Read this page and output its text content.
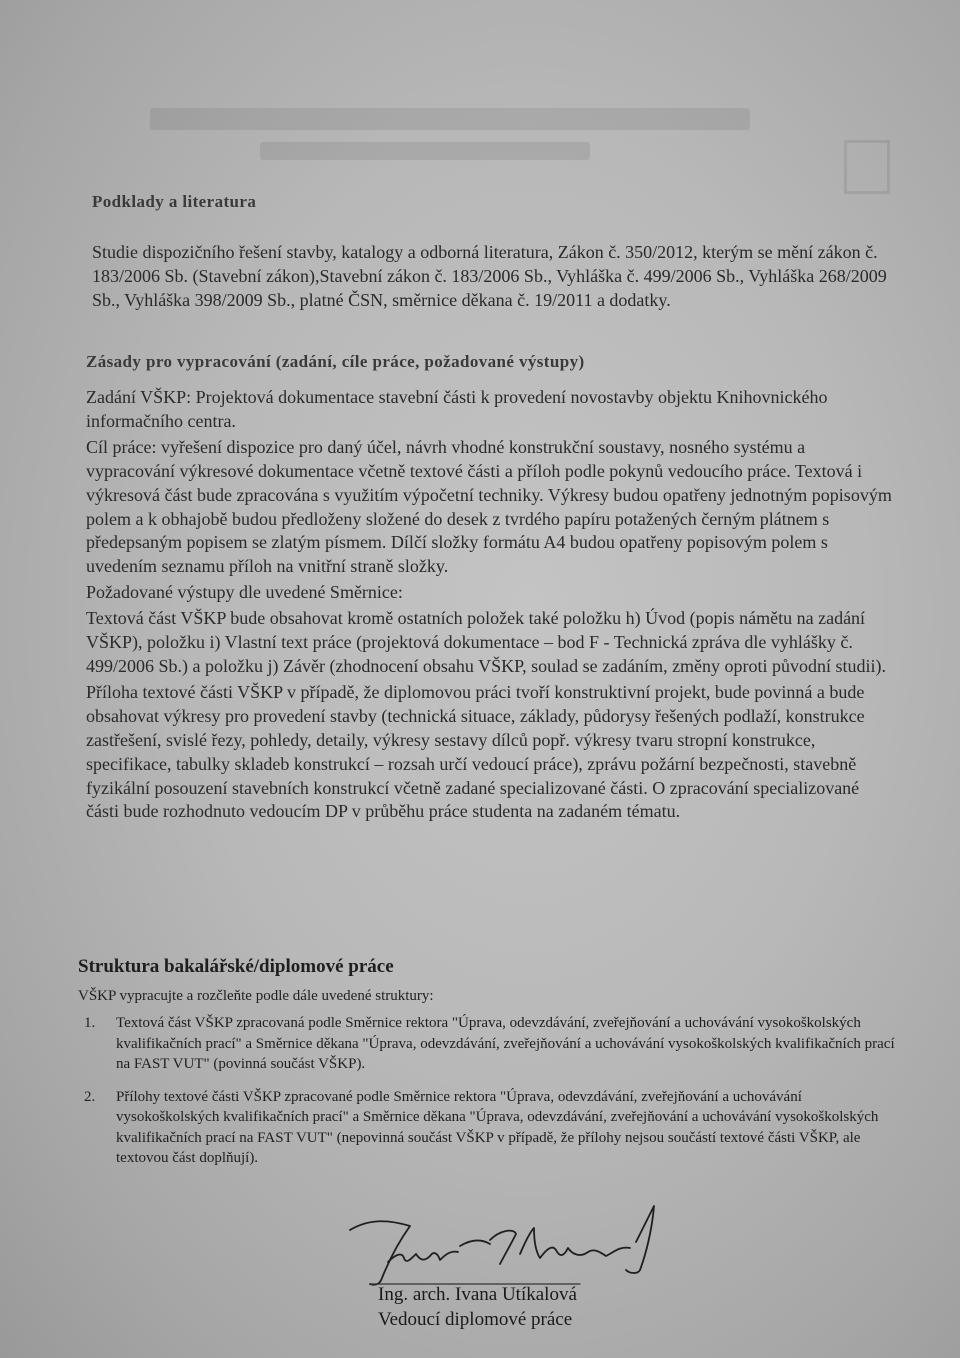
Podklady a literatura

Studie dispozičního řešení stavby, katalogy a odborná literatura, Zákon č. 350/2012, kterým se mění zákon č. 183/2006 Sb. (Stavební zákon),Stavební zákon č. 183/2006 Sb., Vyhláška č. 499/2006 Sb., Vyhláška 268/2009 Sb., Vyhláška 398/2009 Sb., platné ČSN, směrnice děkana č. 19/2011 a dodatky.

Zásady pro vypracování (zadání, cíle práce, požadované výstupy)

Zadání VŠKP: Projektová dokumentace stavební části k provedení novostavby objektu Knihovnického informačního centra.

Cíl práce: vyřešení dispozice pro daný účel, návrh vhodné konstrukční soustavy, nosného systému a vypracování výkresové dokumentace včetně textové části a příloh podle pokynů vedoucího práce. Textová i výkresová část bude zpracována s využitím výpočetní techniky. Výkresy budou opatřeny jednotným popisovým polem a k obhajobě budou předloženy složené do desek z tvrdého papíru potažených černým plátnem s předepsaným popisem se zlatým písmem. Dílčí složky formátu A4 budou opatřeny popisovým polem s uvedením seznamu příloh na vnitřní straně složky.

Požadované výstupy dle uvedené Směrnice:

Textová část VŠKP bude obsahovat kromě ostatních položek také položku h) Úvod (popis námětu na zadání VŠKP), položku i) Vlastní text práce (projektová dokumentace – bod F - Technická zpráva dle vyhlášky č. 499/2006 Sb.) a položku j) Závěr (zhodnocení obsahu VŠKP, soulad se zadáním, změny oproti původní studii).

Příloha textové části VŠKP v případě, že diplomovou práci tvoří konstruktivní projekt, bude povinná a bude obsahovat výkresy pro provedení stavby (technická situace, základy, půdorysy řešených podlaží, konstrukce zastřešení, svislé řezy, pohledy, detaily, výkresy sestavy dílců popř. výkresy tvaru stropní konstrukce, specifikace, tabulky skladeb konstrukcí – rozsah určí vedoucí práce), zprávu požární bezpečnosti, stavebně fyzikální posouzení stavebních konstrukcí včetně zadané specializované části. O zpracování specializované části bude rozhodnuto vedoucím DP v průběhu práce studenta na zadaném tématu.

Struktura bakalářské/diplomové práce

VŠKP vypracujte a rozčleňte podle dále uvedené struktury:

1. Textová část VŠKP zpracovaná podle Směrnice rektora "Úprava, odevzdávání, zveřejňování a uchovávání vysokoškolských kvalifikačních prací" a Směrnice děkana "Úprava, odevzdávání, zveřejňování a uchovávání vysokoškolských kvalifikačních prací na FAST VUT" (povinná součást VŠKP).
2. Přílohy textové části VŠKP zpracované podle Směrnice rektora "Úprava, odevzdávání, zveřejňování a uchovávání vysokoškolských kvalifikačních prací" a Směrnice děkana "Úprava, odevzdávání, zveřejňování a uchovávání vysokoškolských kvalifikačních prací na FAST VUT" (nepovinná součást VŠKP v případě, že přílohy nejsou součástí textové části VŠKP, ale textovou část doplňují).
Ing. arch. Ivana Utíkalová
Vedoucí diplomové práce
